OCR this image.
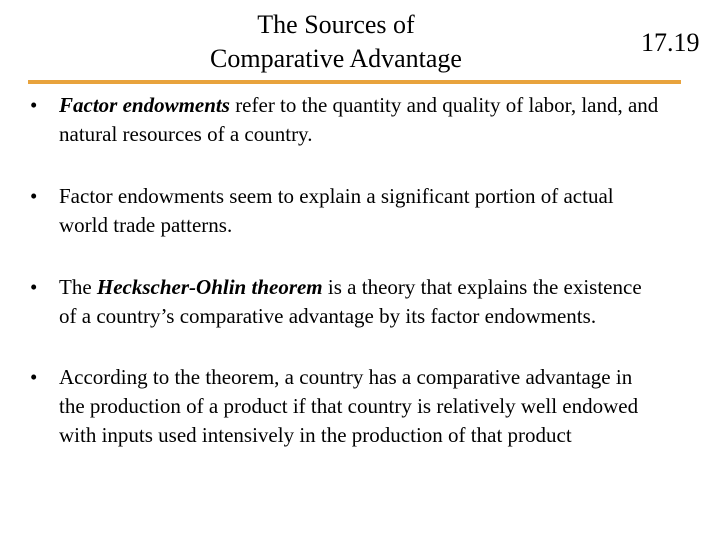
The Sources of
Comparative Advantage
17.19
• Factor endowments refer to the quantity and quality of labor, land, and natural resources of a country.
• Factor endowments seem to explain a significant portion of actual world trade patterns.
• The Heckscher-Ohlin theorem is a theory that explains the existence of a country’s comparative advantage by its factor endowments.
• According to the theorem, a country has a comparative advantage in the production of a product if that country is relatively well endowed with inputs used intensively in the production of that product
